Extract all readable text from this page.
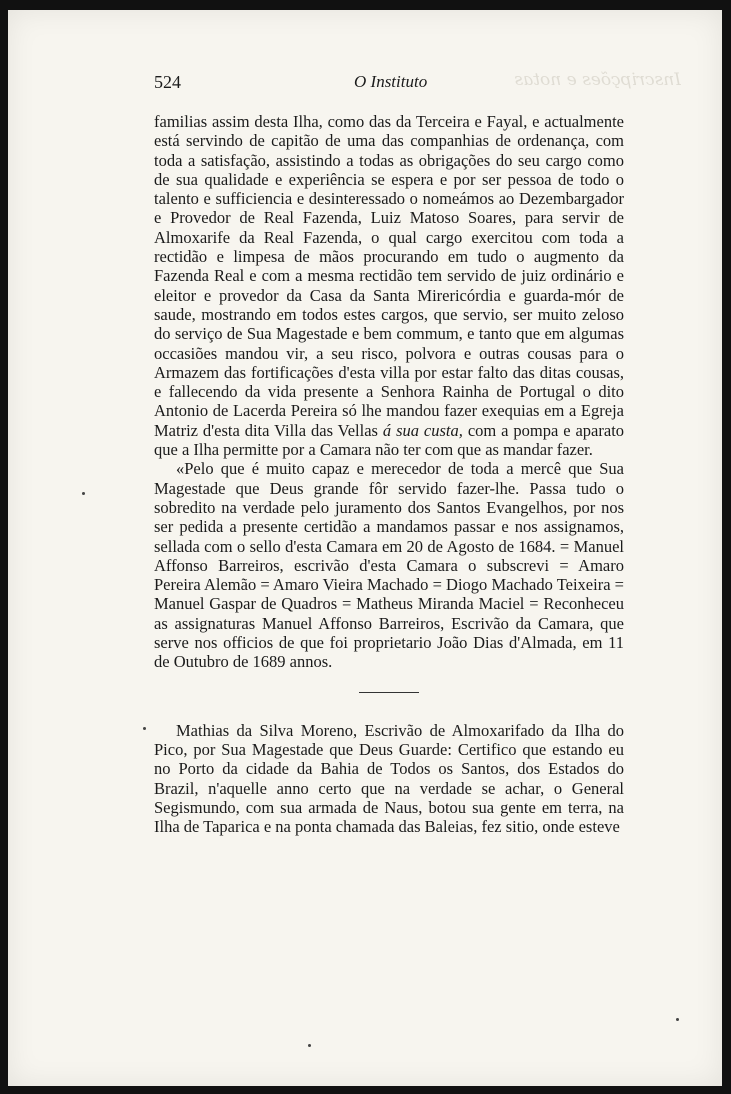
Inscripções e notas
524	O Instituto

familias assim desta Ilha, como das da Terceira e Fayal, e actualmente está servindo de capitão de uma das companhias de ordenança, com toda a satisfação, assistindo a todas as obrigações do seu cargo como de sua qualidade e experiência se espera e por ser pessoa de todo o talento e sufficiencia e desinteressado o nomeámos ao Dezembargador e Provedor de Real Fazenda, Luiz Matoso Soares, para servir de Almoxarife da Real Fazenda, o qual cargo exercitou com toda a rectidão e limpesa de mãos procurando em tudo o augmento da Fazenda Real e com a mesma rectidão tem servido de juiz ordinário e eleitor e provedor da Casa da Santa Mirericórdia e guarda-mór de saude, mostrando em todos estes cargos, que servio, ser muito zeloso do serviço de Sua Magestade e bem commum, e tanto que em algumas occasiões mandou vir, a seu risco, polvora e outras cousas para o Armazem das fortificações d'esta villa por estar falto das ditas cousas, e fallecendo da vida presente a Senhora Rainha de Portugal o dito Antonio de Lacerda Pereira só lhe mandou fazer exequias em a Egreja Matriz d'esta dita Villa das Vellas á sua custa, com a pompa e aparato que a Ilha permitte por a Camara não ter com que as mandar fazer.

«Pelo que é muito capaz e merecedor de toda a mercê que Sua Magestade que Deus grande fôr servido fazer-lhe. Passa tudo o sobredito na verdade pelo juramento dos Santos Evangelhos, por nos ser pedida a presente certidão a mandamos passar e nos assignamos, sellada com o sello d'esta Camara em 20 de Agosto de 1684. = Manuel Affonso Barreiros, escrivão d'esta Camara o subscrevi = Amaro Pereira Alemão = Amaro Vieira Machado = Diogo Machado Teixeira = Manuel Gaspar de Quadros = Matheus Miranda Maciel = Reconheceu as assignaturas Manuel Affonso Barreiros, Escrivão da Camara, que serve nos officios de que foi proprietario João Dias d'Almada, em 11 de Outubro de 1689 annos.

Mathias da Silva Moreno, Escrivão de Almoxarifado da Ilha do Pico, por Sua Magestade que Deus Guarde: Certifico que estando eu no Porto da cidade da Bahia de Todos os Santos, dos Estados do Brazil, n'aquelle anno certo que na verdade se achar, o General Segismundo, com sua armada de Naus, botou sua gente em terra, na Ilha de Taparica e na ponta chamada das Baleias, fez sitio, onde esteve
